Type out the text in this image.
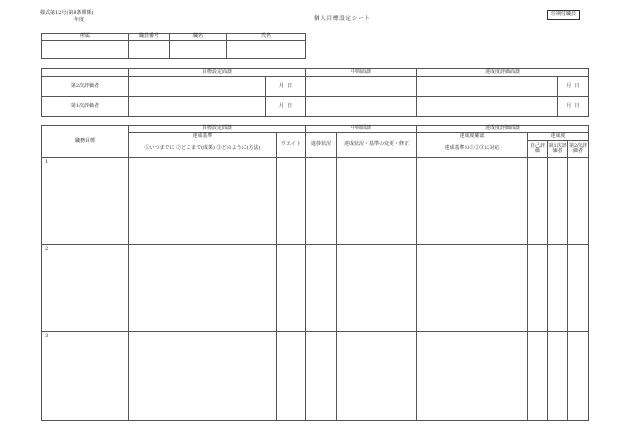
様式第12号(第8条関係)
年度	個人目標設定シート
任期付職員
所属	職員番号	職名	氏名

	目標設定面談		中間面談	達成度評価面談	
第2次評価者		月 日			月 日
第1次評価者		月 日			月 日
職務目標	目標設定面談		中間面談		達成度評価面談			
	達成基準	ウエイト	進捗状況	達成状況・基準の変更・修正	達成度確認	達成度		
	①いつまでに ②どこまで(成果) ③どのように(方法)				達成基準の①②③に対応	自己評価	第1次評価者	第2次評価者
1								
2								
3								
